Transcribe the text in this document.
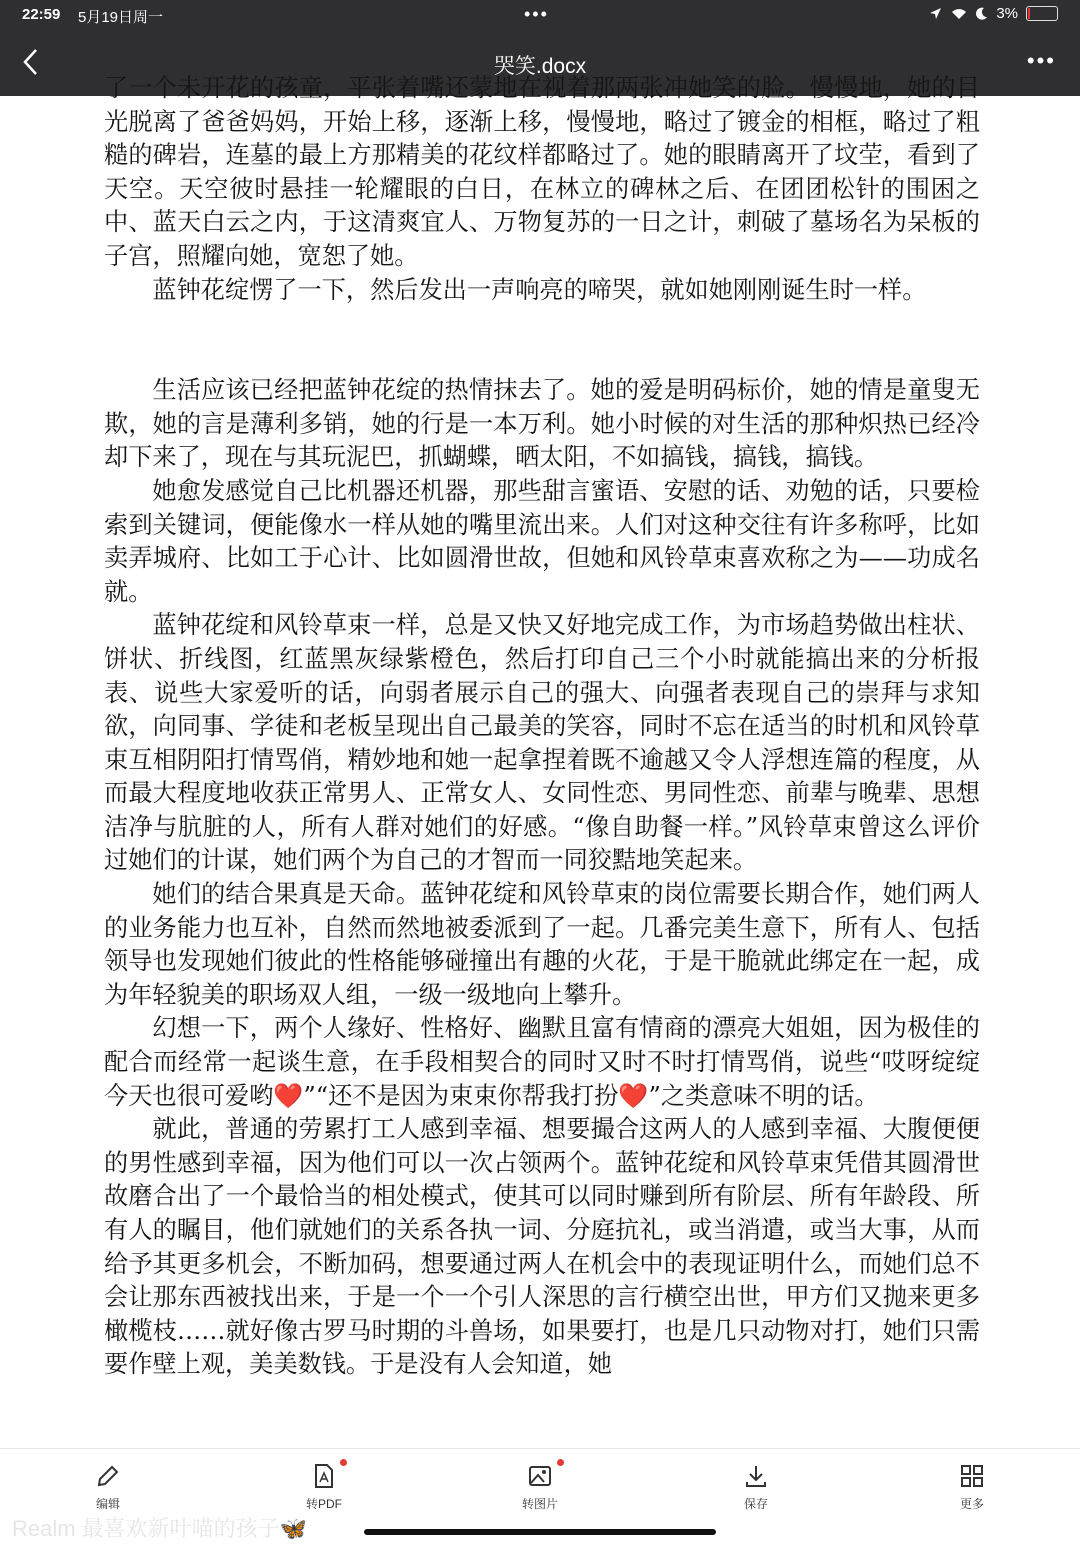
22:59 5月19日周一	•••	3%
哭笑.docx	•••

了一个未开花的孩童，平张着嘴还蒙地在视着那两张冲她笑的脸。慢慢地，她的目光脱离了爸爸妈妈，开始上移，逐渐上移，慢慢地，略过了镀金的相框，略过了粗糙的碑岩，连墓的最上方那精美的花纹样都略过了。她的眼睛离开了坟茔，看到了天空。天空彼时悬挂一轮耀眼的白日，在林立的碑林之后、在团团松针的围困之中、蓝天白云之内，于这清爽宜人、万物复苏的一日之计，刺破了墓场名为呆板的子宫，照耀向她，宽恕了她。

蓝钟花绽愣了一下，然后发出一声响亮的啼哭，就如她刚刚诞生时一样。

生活应该已经把蓝钟花绽的热情抹去了。她的爱是明码标价，她的情是童叟无欺，她的言是薄利多销，她的行是一本万利。她小时候的对生活的那种炽热已经冷却下来了，现在与其玩泥巴，抓蝴蝶，晒太阳，不如搞钱，搞钱，搞钱。

她愈发感觉自己比机器还机器，那些甜言蜜语、安慰的话、劝勉的话，只要检索到关键词，便能像水一样从她的嘴里流出来。人们对这种交往有许多称呼，比如卖弄城府、比如工于心计、比如圆滑世故，但她和风铃草束喜欢称之为——功成名就。

蓝钟花绽和风铃草束一样，总是又快又好地完成工作，为市场趋势做出柱状、饼状、折线图，红蓝黑灰绿紫橙色，然后打印自己三个小时就能搞出来的分析报表、说些大家爱听的话，向弱者展示自己的强大、向强者表现自己的崇拜与求知欲，向同事、学徒和老板呈现出自己最美的笑容，同时不忘在适当的时机和风铃草束互相阴阳打情骂俏，精妙地和她一起拿捏着既不逾越又令人浮想连篇的程度，从而最大程度地收获正常男人、正常女人、女同性恋、男同性恋、前辈与晚辈、思想洁净与肮脏的人，所有人群对她们的好感。“像自助餐一样。”风铃草束曾这么评价过她们的计谋，她们两个为自己的才智而一同狡黠地笑起来。

她们的结合果真是天命。蓝钟花绽和风铃草束的岗位需要长期合作，她们两人的业务能力也互补，自然而然地被委派到了一起。几番完美生意下，所有人、包括领导也发现她们彼此的性格能够碰撞出有趣的火花，于是干脆就此绑定在一起，成为年轻貌美的职场双人组，一级一级地向上攀升。

幻想一下，两个人缘好、性格好、幽默且富有情商的漂亮大姐姐，因为极佳的配合而经常一起谈生意，在手段相契合的同时又时不时打情骂俏，说些“哎呀绽绽今天也很可爱哟❤️”“还不是因为束束你帮我打扮❤️”之类意味不明的话。

就此，普通的劳累打工人感到幸福、想要撮合这两人的人感到幸福、大腹便便的男性感到幸福，因为他们可以一次占领两个。蓝钟花绽和风铃草束凭借其圆滑世故磨合出了一个最恰当的相处模式，使其可以同时赚到所有阶层、所有年龄段、所有人的瞩目，他们就她们的关系各执一词、分庭抗礼，或当消遣，或当大事，从而给予其更多机会，不断加码，想要通过两人在机会中的表现证明什么，而她们总不会让那东西被找出来，于是一个一个引人深思的言行横空出世，甲方们又抛来更多橄榄枝……就好像古罗马时期的斗兽场，如果要打，也是几只动物对打，她们只需要作壁上观，美美数钱。于是没有人会知道，她

编辑	转PDF	转图片	保存	更多
Realm 最喜欢新叶喵的孩子🦋
